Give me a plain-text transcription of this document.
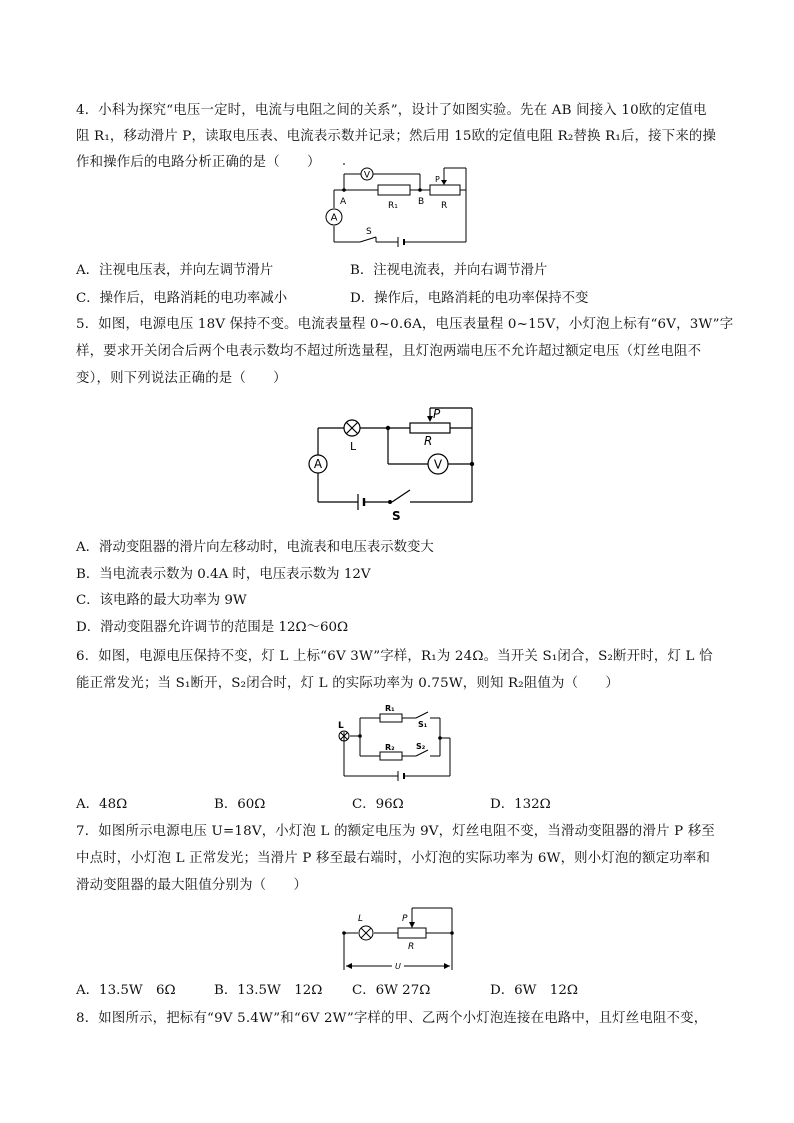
4．小科为探究“电压一定时，电流与电阻之间的关系”，设计了如图实验。先在 AB 间接入 10欧的定值电
阻 R₁，移动滑片 P，读取电压表、电流表示数并记录；然后用 15欧的定值电阻 R₂替换 R₁后，接下来的操
作和操作后的电路分析正确的是（　　）
V
A
A	B
R₁	R
P
S
A．注视电压表，并向左调节滑片	B．注视电流表，并向右调节滑片
C．操作后，电路消耗的电功率减小	D．操作后，电路消耗的电功率保持不变
5．如图，电源电压 18V 保持不变。电流表量程 0~0.6A，电压表量程 0~15V，小灯泡上标有“6V，3W”字
样，要求开关闭合后两个电表示数均不超过所选量程，且灯泡两端电压不允许超过额定电压（灯丝电阻不
变），则下列说法正确的是（　　）
A	V
L	R
P
S
A．滑动变阻器的滑片向左移动时，电流表和电压表示数变大
B．当电流表示数为 0.4A 时，电压表示数为 12V
C．该电路的最大功率为 9W
D．滑动变阻器允许调节的范围是 12Ω～60Ω
6．如图，电源电压保持不变，灯 L 上标“6V 3W”字样，R₁为 24Ω。当开关 S₁闭合，S₂断开时，灯 L 恰
能正常发光；当 S₁断开，S₂闭合时，灯 L 的实际功率为 0.75W，则知 R₂阻值为（　　）
L
R₁
R₂
S₁
S₂
A．48Ω	B．60Ω	C．96Ω	D．132Ω
7．如图所示电源电压 U=18V，小灯泡 L 的额定电压为 9V，灯丝电阻不变，当滑动变阻器的滑片 P 移至
中点时，小灯泡 L 正常发光；当滑片 P 移至最右端时，小灯泡的实际功率为 6W，则小灯泡的额定功率和
滑动变阻器的最大阻值分别为（　　）
L	P
R
U
A．13.5W　6Ω	B．13.5W　12Ω C．6W 27Ω	D．6W　12Ω
8．如图所示，把标有“9V 5.4W”和“6V 2W”字样的甲、乙两个小灯泡连接在电路中，且灯丝电阻不变，
